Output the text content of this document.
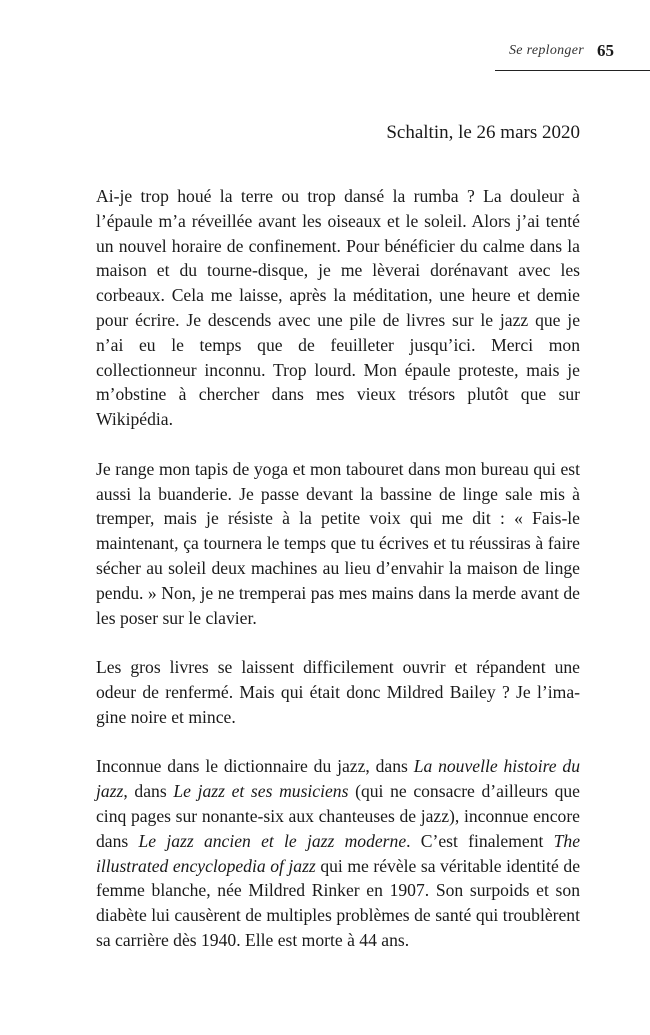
Se replonger 65
Schaltin, le 26 mars 2020

Ai-je trop houé la terre ou trop dansé la rumba ? La douleur à l’épaule m’a réveillée avant les oiseaux et le soleil. Alors j’ai tenté un nouvel horaire de confinement. Pour bénéficier du calme dans la maison et du tourne-disque, je me lèverai dorénavant avec les corbeaux. Cela me laisse, après la méditation, une heure et demie pour écrire. Je descends avec une pile de livres sur le jazz que je n’ai eu le temps que de feuilleter jusqu’ici. Merci mon collectionneur inconnu. Trop lourd. Mon épaule proteste, mais je m’obstine à chercher dans mes vieux trésors plutôt que sur Wikipédia.

Je range mon tapis de yoga et mon tabouret dans mon bureau qui est aussi la buanderie. Je passe devant la bassine de linge sale mis à tremper, mais je résiste à la petite voix qui me dit : « Fais-le maintenant, ça tournera le temps que tu écrives et tu réussiras à faire sécher au soleil deux machines au lieu d’envahir la maison de linge pendu. » Non, je ne tremperai pas mes mains dans la merde avant de les poser sur le clavier.

Les gros livres se laissent difficilement ouvrir et répandent une odeur de renfermé. Mais qui était donc Mildred Bailey ? Je l’imagine noire et mince.

Inconnue dans le dictionnaire du jazz, dans La nouvelle histoire du jazz, dans Le jazz et ses musiciens (qui ne consacre d’ailleurs que cinq pages sur nonante-six aux chanteuses de jazz), inconnue encore dans Le jazz ancien et le jazz moderne. C’est finalement The illustrated encyclopedia of jazz qui me révèle sa véritable identité de femme blanche, née Mildred Rinker en 1907. Son surpoids et son diabète lui causèrent de multiples problèmes de santé qui troublèrent sa carrière dès 1940. Elle est morte à 44 ans.
